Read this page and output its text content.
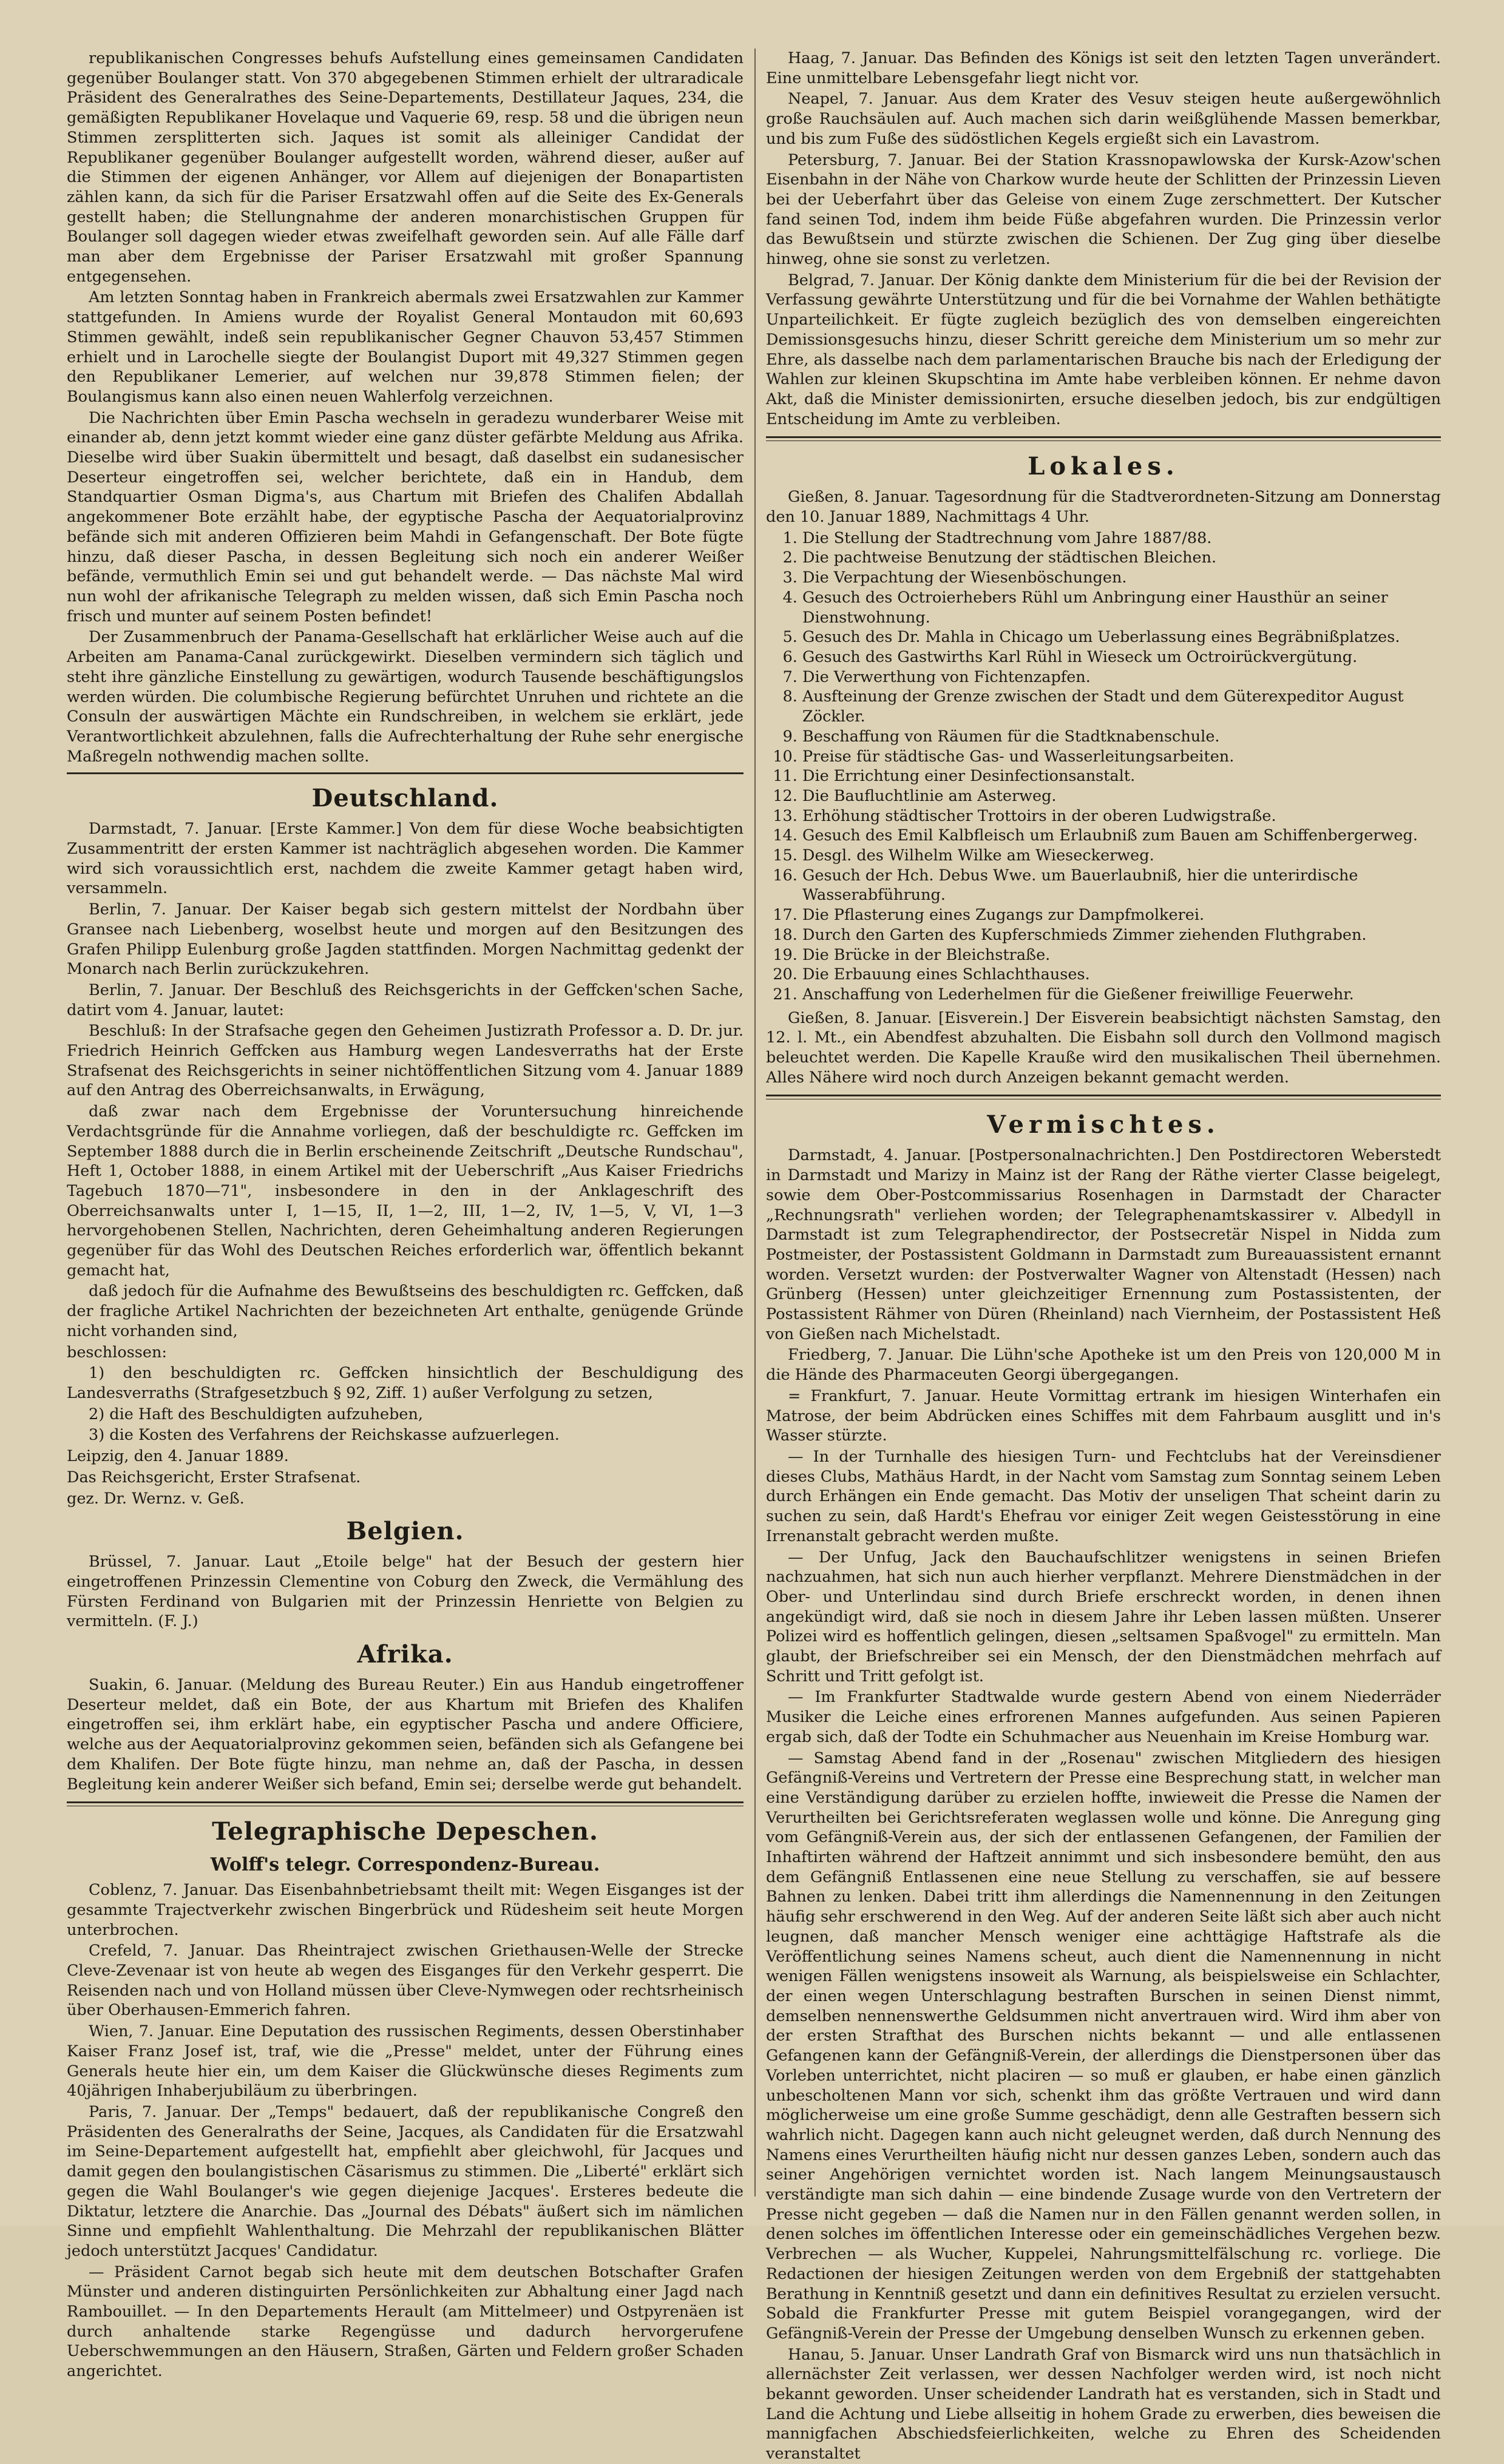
republikanischen Congresses behufs Aufstellung eines gemeinsamen Candidaten gegenüber Boulanger statt. Von 370 abgegebenen Stimmen erhielt der ultraradicale Präsident des Generalrathes des Seine-Departements, Destillateur Jaques, 234, die gemäßigten Republikaner Hovelaque und Vaquerie 69, resp. 58 und die übrigen neun Stimmen zersplitterten sich. Jaques ist somit als alleiniger Candidat der Republikaner gegenüber Boulanger aufgestellt worden, während dieser, außer auf die Stimmen der eigenen Anhänger, vor Allem auf diejenigen der Bonapartisten zählen kann, da sich für die Pariser Ersatzwahl offen auf die Seite des Ex-Generals gestellt haben; die Stellungnahme der anderen monarchistischen Gruppen für Boulanger soll dagegen wieder etwas zweifelhaft geworden sein. Auf alle Fälle darf man aber dem Ergebnisse der Pariser Ersatzwahl mit großer Spannung entgegensehen.

Am letzten Sonntag haben in Frankreich abermals zwei Ersatzwahlen zur Kammer stattgefunden. In Amiens wurde der Royalist General Montaudon mit 60,693 Stimmen gewählt, indeß sein republikanischer Gegner Chauvon 53,457 Stimmen erhielt und in Larochelle siegte der Boulangist Duport mit 49,327 Stimmen gegen den Republikaner Lemerier, auf welchen nur 39,878 Stimmen fielen; der Boulangismus kann also einen neuen Wahlerfolg verzeichnen.

Die Nachrichten über Emin Pascha wechseln in geradezu wunderbarer Weise mit einander ab, denn jetzt kommt wieder eine ganz düster gefärbte Meldung aus Afrika. Dieselbe wird über Suakin übermittelt und besagt, daß daselbst ein sudanesischer Deserteur eingetroffen sei, welcher berichtete, daß ein in Handub, dem Standquartier Osman Digma's, aus Chartum mit Briefen des Chalifen Abdallah angekommener Bote erzählt habe, der egyptische Pascha der Aequatorialprovinz befände sich mit anderen Offizieren beim Mahdi in Gefangenschaft. Der Bote fügte hinzu, daß dieser Pascha, in dessen Begleitung sich noch ein anderer Weißer befände, vermuthlich Emin sei und gut behandelt werde. — Das nächste Mal wird nun wohl der afrikanische Telegraph zu melden wissen, daß sich Emin Pascha noch frisch und munter auf seinem Posten befindet!

Der Zusammenbruch der Panama-Gesellschaft hat erklärlicher Weise auch auf die Arbeiten am Panama-Canal zurückgewirkt. Dieselben vermindern sich täglich und steht ihre gänzliche Einstellung zu gewärtigen, wodurch Tausende beschäftigungslos werden würden. Die columbische Regierung befürchtet Unruhen und richtete an die Consuln der auswärtigen Mächte ein Rundschreiben, in welchem sie erklärt, jede Verantwortlichkeit abzulehnen, falls die Aufrechterhaltung der Ruhe sehr energische Maßregeln nothwendig machen sollte.

Deutschland.

Darmstadt, 7. Januar. [Erste Kammer.] Von dem für diese Woche beabsichtigten Zusammentritt der ersten Kammer ist nachträglich abgesehen worden. Die Kammer wird sich voraussichtlich erst, nachdem die zweite Kammer getagt haben wird, versammeln.

Berlin, 7. Januar. Der Kaiser begab sich gestern mittelst der Nordbahn über Gransee nach Liebenberg, woselbst heute und morgen auf den Besitzungen des Grafen Philipp Eulenburg große Jagden stattfinden. Morgen Nachmittag gedenkt der Monarch nach Berlin zurückzukehren.

Berlin, 7. Januar. Der Beschluß des Reichsgerichts in der Geffcken'schen Sache, datirt vom 4. Januar, lautet:

Beschluß: In der Strafsache gegen den Geheimen Justizrath Professor a. D. Dr. jur. Friedrich Heinrich Geffcken aus Hamburg wegen Landesverraths hat der Erste Strafsenat des Reichsgerichts in seiner nichtöffentlichen Sitzung vom 4. Januar 1889 auf den Antrag des Oberreichsanwalts, in Erwägung,

daß zwar nach dem Ergebnisse der Voruntersuchung hinreichende Verdachtsgründe für die Annahme vorliegen, daß der beschuldigte rc. Geffcken im September 1888 durch die in Berlin erscheinende Zeitschrift „Deutsche Rundschau", Heft 1, October 1888, in einem Artikel mit der Ueberschrift „Aus Kaiser Friedrichs Tagebuch 1870—71", insbesondere in den in der Anklageschrift des Oberreichsanwalts unter I, 1—15, II, 1—2, III, 1—2, IV, 1—5, V, VI, 1—3 hervorgehobenen Stellen, Nachrichten, deren Geheimhaltung anderen Regierungen gegenüber für das Wohl des Deutschen Reiches erforderlich war, öffentlich bekannt gemacht hat,

daß jedoch für die Aufnahme des Bewußtseins des beschuldigten rc. Geffcken, daß der fragliche Artikel Nachrichten der bezeichneten Art enthalte, genügende Gründe nicht vorhanden sind,

beschlossen:

1) den beschuldigten rc. Geffcken hinsichtlich der Beschuldigung des Landesverraths (Strafgesetzbuch § 92, Ziff. 1) außer Verfolgung zu setzen,

2) die Haft des Beschuldigten aufzuheben,

3) die Kosten des Verfahrens der Reichskasse aufzuerlegen.

Leipzig, den 4. Januar 1889.

Das Reichsgericht, Erster Strafsenat.

gez. Dr. Wernz. v. Geß.

Belgien.

Brüssel, 7. Januar. Laut „Etoile belge" hat der Besuch der gestern hier eingetroffenen Prinzessin Clementine von Coburg den Zweck, die Vermählung des Fürsten Ferdinand von Bulgarien mit der Prinzessin Henriette von Belgien zu vermitteln. (F. J.)

Afrika.

Suakin, 6. Januar. (Meldung des Bureau Reuter.) Ein aus Handub eingetroffener Deserteur meldet, daß ein Bote, der aus Khartum mit Briefen des Khalifen eingetroffen sei, ihm erklärt habe, ein egyptischer Pascha und andere Officiere, welche aus der Aequatorialprovinz gekommen seien, befänden sich als Gefangene bei dem Khalifen. Der Bote fügte hinzu, man nehme an, daß der Pascha, in dessen Begleitung kein anderer Weißer sich befand, Emin sei; derselbe werde gut behandelt.

Telegraphische Depeschen.
Wolff's telegr. Correspondenz-Bureau.

Coblenz, 7. Januar. Das Eisenbahnbetriebsamt theilt mit: Wegen Eisganges ist der gesammte Trajectverkehr zwischen Bingerbrück und Rüdesheim seit heute Morgen unterbrochen.

Crefeld, 7. Januar. Das Rheintraject zwischen Griethausen-Welle der Strecke Cleve-Zevenaar ist von heute ab wegen des Eisganges für den Verkehr gesperrt. Die Reisenden nach und von Holland müssen über Cleve-Nymwegen oder rechtsrheinisch über Oberhausen-Emmerich fahren.

Wien, 7. Januar. Eine Deputation des russischen Regiments, dessen Oberstinhaber Kaiser Franz Josef ist, traf, wie die „Presse" meldet, unter der Führung eines Generals heute hier ein, um dem Kaiser die Glückwünsche dieses Regiments zum 40jährigen Inhaberjubiläum zu überbringen.

Paris, 7. Januar. Der „Temps" bedauert, daß der republikanische Congreß den Präsidenten des Generalraths der Seine, Jacques, als Candidaten für die Ersatzwahl im Seine-Departement aufgestellt hat, empfiehlt aber gleichwohl, für Jacques und damit gegen den boulangistischen Cäsarismus zu stimmen. Die „Liberté" erklärt sich gegen die Wahl Boulanger's wie gegen diejenige Jacques'. Ersteres bedeute die Diktatur, letztere die Anarchie. Das „Journal des Débats" äußert sich im nämlichen Sinne und empfiehlt Wahlenthaltung. Die Mehrzahl der republikanischen Blätter jedoch unterstützt Jacques' Candidatur.

— Präsident Carnot begab sich heute mit dem deutschen Botschafter Grafen Münster und anderen distinguirten Persönlichkeiten zur Abhaltung einer Jagd nach Rambouillet. — In den Departements Herault (am Mittelmeer) und Ostpyrenäen ist durch anhaltende starke Regengüsse und dadurch hervorgerufene Ueberschwemmungen an den Häusern, Straßen, Gärten und Feldern großer Schaden angerichtet.

Haag, 7. Januar. Das Befinden des Königs ist seit den letzten Tagen unverändert. Eine unmittelbare Lebensgefahr liegt nicht vor.

Neapel, 7. Januar. Aus dem Krater des Vesuv steigen heute außergewöhnlich große Rauchsäulen auf. Auch machen sich darin weißglühende Massen bemerkbar, und bis zum Fuße des südöstlichen Kegels ergießt sich ein Lavastrom.

Petersburg, 7. Januar. Bei der Station Krassnopawlowska der Kursk-Azow'schen Eisenbahn in der Nähe von Charkow wurde heute der Schlitten der Prinzessin Lieven bei der Ueberfahrt über das Geleise von einem Zuge zerschmettert. Der Kutscher fand seinen Tod, indem ihm beide Füße abgefahren wurden. Die Prinzessin verlor das Bewußtsein und stürzte zwischen die Schienen. Der Zug ging über dieselbe hinweg, ohne sie sonst zu verletzen.

Belgrad, 7. Januar. Der König dankte dem Ministerium für die bei der Revision der Verfassung gewährte Unterstützung und für die bei Vornahme der Wahlen bethätigte Unparteilichkeit. Er fügte zugleich bezüglich des von demselben eingereichten Demissionsgesuchs hinzu, dieser Schritt gereiche dem Ministerium um so mehr zur Ehre, als dasselbe nach dem parlamentarischen Brauche bis nach der Erledigung der Wahlen zur kleinen Skupschtina im Amte habe verbleiben können. Er nehme davon Akt, daß die Minister demissionirten, ersuche dieselben jedoch, bis zur endgültigen Entscheidung im Amte zu verbleiben.

Lokales.

Gießen, 8. Januar. Tagesordnung für die Stadtverordneten-Sitzung am Donnerstag den 10. Januar 1889, Nachmittags 4 Uhr.

1. Die Stellung der Stadtrechnung vom Jahre 1887/88.
2. Die pachtweise Benutzung der städtischen Bleichen.
3. Die Verpachtung der Wiesenböschungen.
4. Gesuch des Octroierhebers Rühl um Anbringung einer Hausthür an seiner Dienstwohnung.
5. Gesuch des Dr. Mahla in Chicago um Ueberlassung eines Begräbnißplatzes.
6. Gesuch des Gastwirths Karl Rühl in Wieseck um Octroirückvergütung.
7. Die Verwerthung von Fichtenzapfen.
8. Ausfteinung der Grenze zwischen der Stadt und dem Güterexpeditor August Zöckler.
9. Beschaffung von Räumen für die Stadtknabenschule.
10. Preise für städtische Gas- und Wasserleitungsarbeiten.
11. Die Errichtung einer Desinfectionsanstalt.
12. Die Baufluchtlinie am Asterweg.
13. Erhöhung städtischer Trottoirs in der oberen Ludwigstraße.
14. Gesuch des Emil Kalbfleisch um Erlaubniß zum Bauen am Schiffenbergerweg.
15. Desgl. des Wilhelm Wilke am Wieseckerweg.
16. Gesuch der Hch. Debus Wwe. um Bauerlaubniß, hier die unterirdische Wasserabführung.
17. Die Pflasterung eines Zugangs zur Dampfmolkerei.
18. Durch den Garten des Kupferschmieds Zimmer ziehenden Fluthgraben.
19. Die Brücke in der Bleichstraße.
20. Die Erbauung eines Schlachthauses.
21. Anschaffung von Lederhelmen für die Gießener freiwillige Feuerwehr.

Gießen, 8. Januar. [Eisverein.] Der Eisverein beabsichtigt nächsten Samstag, den 12. l. Mt., ein Abendfest abzuhalten. Die Eisbahn soll durch den Vollmond magisch beleuchtet werden. Die Kapelle Krauße wird den musikalischen Theil übernehmen. Alles Nähere wird noch durch Anzeigen bekannt gemacht werden.

Vermischtes.

Darmstadt, 4. Januar. [Postpersonalnachrichten.] Den Postdirectoren Weberstedt in Darmstadt und Marizy in Mainz ist der Rang der Räthe vierter Classe beigelegt, sowie dem Ober-Postcommissarius Rosenhagen in Darmstadt der Character „Rechnungsrath" verliehen worden; der Telegraphenamtskassirer v. Albedyll in Darmstadt ist zum Telegraphendirector, der Postsecretär Nispel in Nidda zum Postmeister, der Postassistent Goldmann in Darmstadt zum Bureauassistent ernannt worden. Versetzt wurden: der Postverwalter Wagner von Altenstadt (Hessen) nach Grünberg (Hessen) unter gleichzeitiger Ernennung zum Postassistenten, der Postassistent Rähmer von Düren (Rheinland) nach Viernheim, der Postassistent Heß von Gießen nach Michelstadt.

Friedberg, 7. Januar. Die Lühn'sche Apotheke ist um den Preis von 120,000 M in die Hände des Pharmaceuten Georgi übergegangen.

= Frankfurt, 7. Januar. Heute Vormittag ertrank im hiesigen Winterhafen ein Matrose, der beim Abdrücken eines Schiffes mit dem Fahrbaum ausglitt und in's Wasser stürzte.

— In der Turnhalle des hiesigen Turn- und Fechtclubs hat der Vereinsdiener dieses Clubs, Mathäus Hardt, in der Nacht vom Samstag zum Sonntag seinem Leben durch Erhängen ein Ende gemacht. Das Motiv der unseligen That scheint darin zu suchen zu sein, daß Hardt's Ehefrau vor einiger Zeit wegen Geistesstörung in eine Irrenanstalt gebracht werden mußte.

— Der Unfug, Jack den Bauchaufschlitzer wenigstens in seinen Briefen nachzuahmen, hat sich nun auch hierher verpflanzt. Mehrere Dienstmädchen in der Ober- und Unterlindau sind durch Briefe erschreckt worden, in denen ihnen angekündigt wird, daß sie noch in diesem Jahre ihr Leben lassen müßten. Unserer Polizei wird es hoffentlich gelingen, diesen „seltsamen Spaßvogel" zu ermitteln. Man glaubt, der Briefschreiber sei ein Mensch, der den Dienstmädchen mehrfach auf Schritt und Tritt gefolgt ist.

— Im Frankfurter Stadtwalde wurde gestern Abend von einem Niederräder Musiker die Leiche eines erfrorenen Mannes aufgefunden. Aus seinen Papieren ergab sich, daß der Todte ein Schuhmacher aus Neuenhain im Kreise Homburg war.

— Samstag Abend fand in der „Rosenau" zwischen Mitgliedern des hiesigen Gefängniß-Vereins und Vertretern der Presse eine Besprechung statt, in welcher man eine Verständigung darüber zu erzielen hoffte, inwieweit die Presse die Namen der Verurtheilten bei Gerichtsreferaten weglassen wolle und könne. Die Anregung ging vom Gefängniß-Verein aus, der sich der entlassenen Gefangenen, der Familien der Inhaftirten während der Haftzeit annimmt und sich insbesondere bemüht, den aus dem Gefängniß Entlassenen eine neue Stellung zu verschaffen, sie auf bessere Bahnen zu lenken. Dabei tritt ihm allerdings die Namennennung in den Zeitungen häufig sehr erschwerend in den Weg. Auf der anderen Seite läßt sich aber auch nicht leugnen, daß mancher Mensch weniger eine achttägige Haftstrafe als die Veröffentlichung seines Namens scheut, auch dient die Namennennung in nicht wenigen Fällen wenigstens insoweit als Warnung, als beispielsweise ein Schlachter, der einen wegen Unterschlagung bestraften Burschen in seinen Dienst nimmt, demselben nennenswerthe Geldsummen nicht anvertrauen wird. Wird ihm aber von der ersten Strafthat des Burschen nichts bekannt — und alle entlassenen Gefangenen kann der Gefängniß-Verein, der allerdings die Dienstpersonen über das Vorleben unterrichtet, nicht placiren — so muß er glauben, er habe einen gänzlich unbescholtenen Mann vor sich, schenkt ihm das größte Vertrauen und wird dann möglicherweise um eine große Summe geschädigt, denn alle Gestraften bessern sich wahrlich nicht. Dagegen kann auch nicht geleugnet werden, daß durch Nennung des Namens eines Verurtheilten häufig nicht nur dessen ganzes Leben, sondern auch das seiner Angehörigen vernichtet worden ist. Nach langem Meinungsaustausch verständigte man sich dahin — eine bindende Zusage wurde von den Vertretern der Presse nicht gegeben — daß die Namen nur in den Fällen genannt werden sollen, in denen solches im öffentlichen Interesse oder ein gemeinschädliches Vergehen bezw. Verbrechen — als Wucher, Kuppelei, Nahrungsmittelfälschung rc. vorliege. Die Redactionen der hiesigen Zeitungen werden von dem Ergebniß der stattgehabten Berathung in Kenntniß gesetzt und dann ein definitives Resultat zu erzielen versucht. Sobald die Frankfurter Presse mit gutem Beispiel vorangegangen, wird der Gefängniß-Verein der Presse der Umgebung denselben Wunsch zu erkennen geben.

Hanau, 5. Januar. Unser Landrath Graf von Bismarck wird uns nun thatsächlich in allernächster Zeit verlassen, wer dessen Nachfolger werden wird, ist noch nicht bekannt geworden. Unser scheidender Landrath hat es verstanden, sich in Stadt und Land die Achtung und Liebe allseitig in hohem Grade zu erwerben, dies beweisen die mannigfachen Abschiedsfeierlichkeiten, welche zu Ehren des Scheidenden veranstaltet
